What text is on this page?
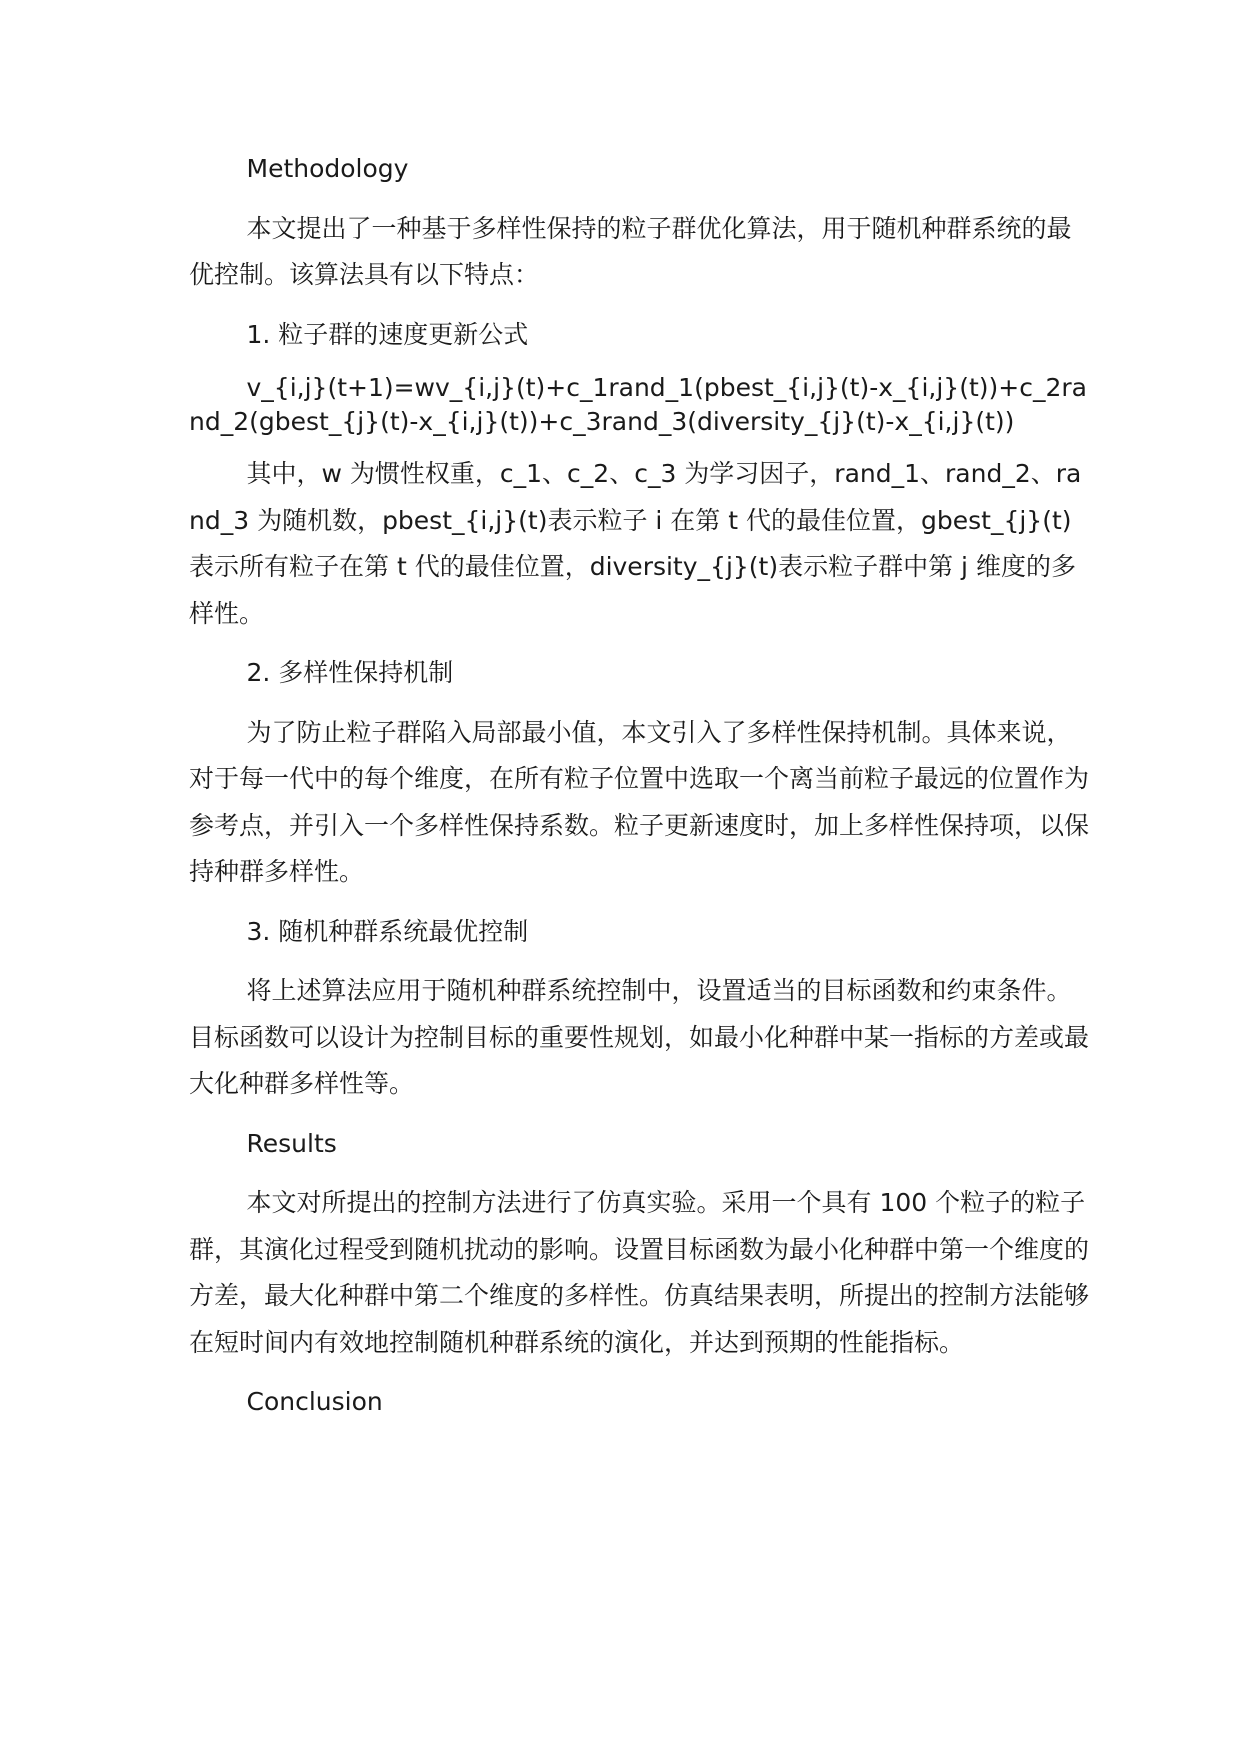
Methodology

本文提出了一种基于多样性保持的粒子群优化算法，用于随机种群系统的最优控制。该算法具有以下特点：

1. 粒子群的速度更新公式

v_{i,j}(t+1)=wv_{i,j}(t)+c_1rand_1(pbest_{i,j}(t)-x_{i,j}(t))+c_2rand_2(gbest_{j}(t)-x_{i,j}(t))+c_3rand_3(diversity_{j}(t)-x_{i,j}(t))

其中，w 为惯性权重，c_1、c_2、c_3 为学习因子，rand_1、rand_2、rand_3 为随机数，pbest_{i,j}(t)表示粒子 i 在第 t 代的最佳位置，gbest_{j}(t)表示所有粒子在第 t 代的最佳位置，diversity_{j}(t)表示粒子群中第 j 维度的多样性。

2. 多样性保持机制

为了防止粒子群陷入局部最小值，本文引入了多样性保持机制。具体来说，对于每一代中的每个维度，在所有粒子位置中选取一个离当前粒子最远的位置作为参考点，并引入一个多样性保持系数。粒子更新速度时，加上多样性保持项，以保持种群多样性。

3. 随机种群系统最优控制

将上述算法应用于随机种群系统控制中，设置适当的目标函数和约束条件。目标函数可以设计为控制目标的重要性规划，如最小化种群中某一指标的方差或最大化种群多样性等。

Results

本文对所提出的控制方法进行了仿真实验。采用一个具有 100 个粒子的粒子群，其演化过程受到随机扰动的影响。设置目标函数为最小化种群中第一个维度的方差，最大化种群中第二个维度的多样性。仿真结果表明，所提出的控制方法能够在短时间内有效地控制随机种群系统的演化，并达到预期的性能指标。

Conclusion
